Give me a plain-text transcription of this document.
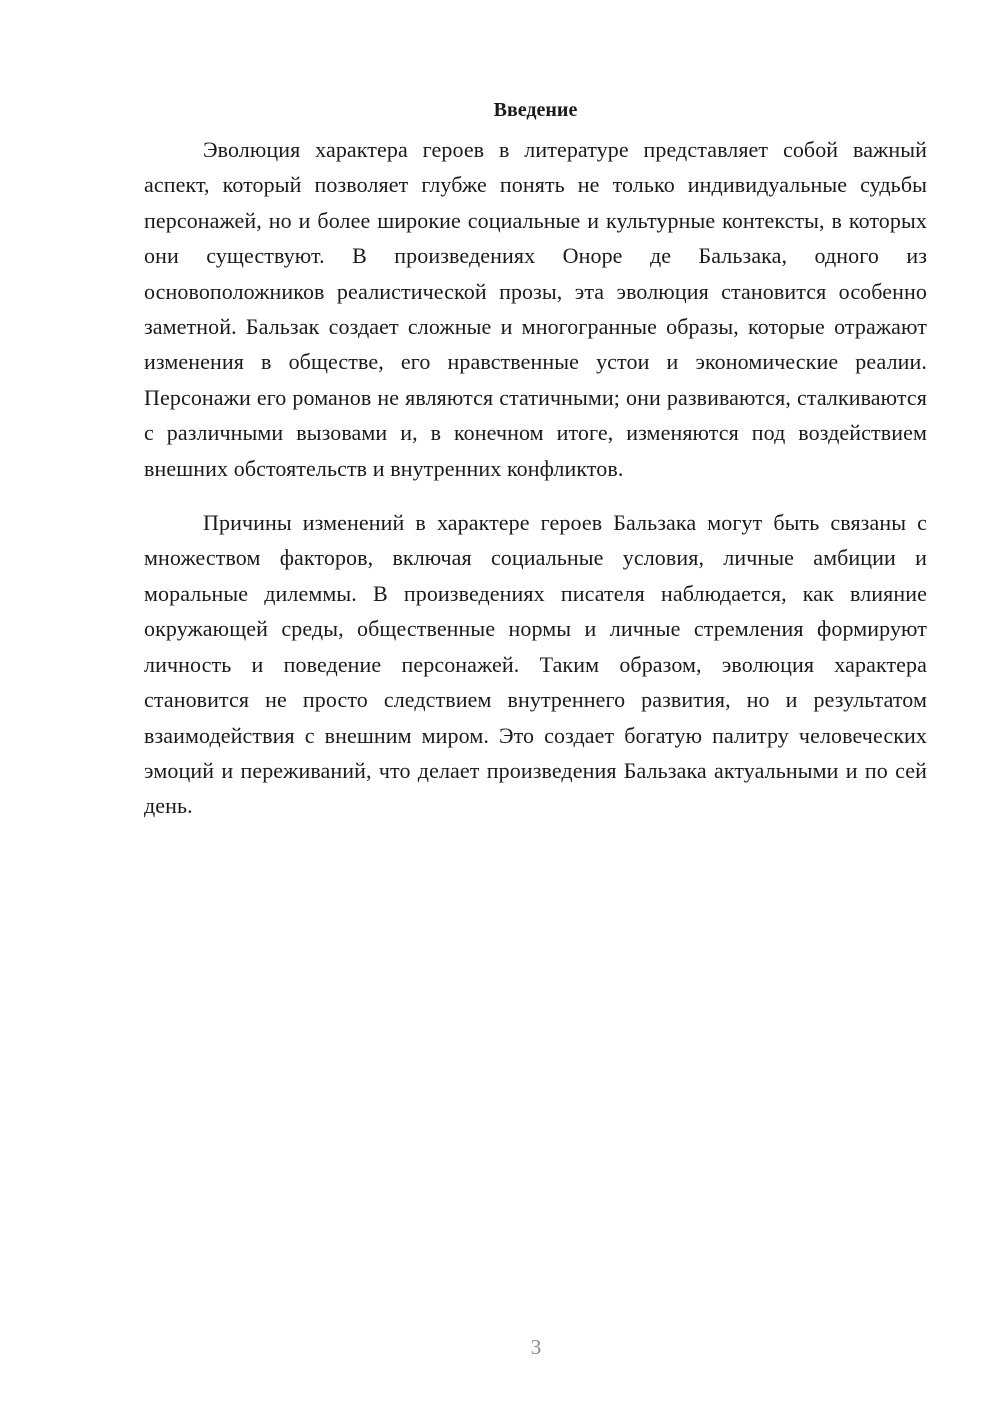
Введение

Эволюция характера героев в литературе представляет собой важный аспект, который позволяет глубже понять не только индивидуальные судьбы персонажей, но и более широкие социальные и культурные контексты, в которых они существуют. В произведениях Оноре де Бальзака, одного из основоположников реалистической прозы, эта эволюция становится особенно заметной. Бальзак создает сложные и многогранные образы, которые отражают изменения в обществе, его нравственные устои и экономические реалии. Персонажи его романов не являются статичными; они развиваются, сталкиваются с различными вызовами и, в конечном итоге, изменяются под воздействием внешних обстоятельств и внутренних конфликтов.

Причины изменений в характере героев Бальзака могут быть связаны с множеством факторов, включая социальные условия, личные амбиции и моральные дилеммы. В произведениях писателя наблюдается, как влияние окружающей среды, общественные нормы и личные стремления формируют личность и поведение персонажей. Таким образом, эволюция характера становится не просто следствием внутреннего развития, но и результатом взаимодействия с внешним миром. Это создает богатую палитру человеческих эмоций и переживаний, что делает произведения Бальзака актуальными и по сей день.

3
